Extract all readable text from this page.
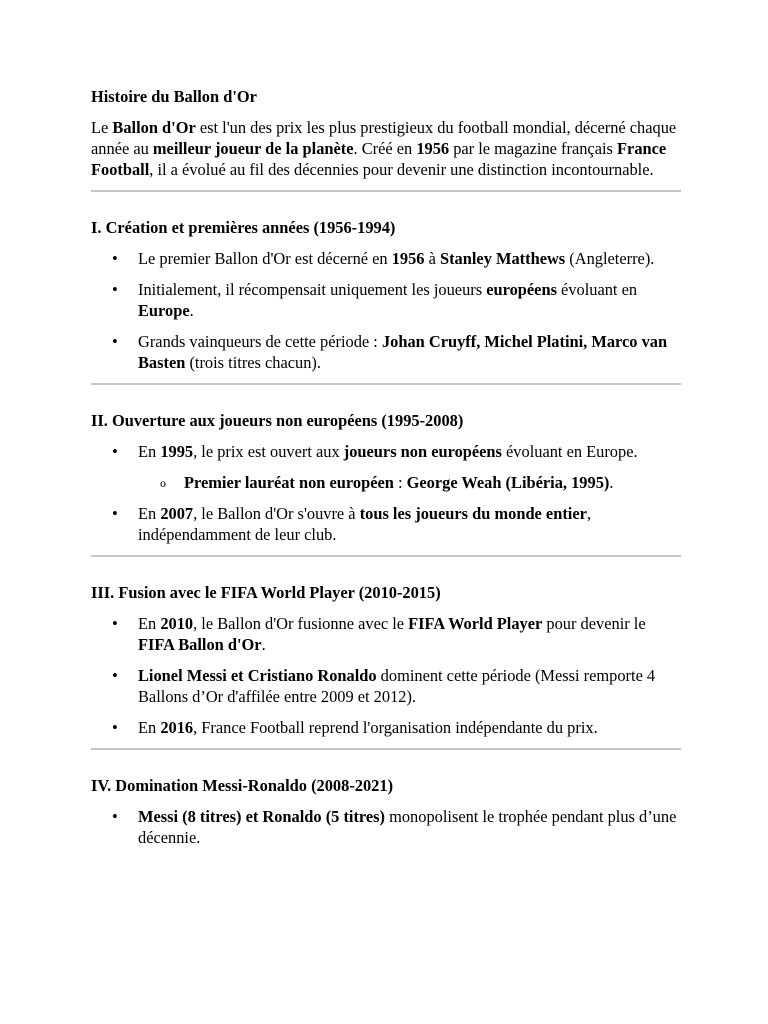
Histoire du Ballon d'Or

Le Ballon d'Or est l'un des prix les plus prestigieux du football mondial, décerné chaque année au meilleur joueur de la planète. Créé en 1956 par le magazine français France Football, il a évolué au fil des décennies pour devenir une distinction incontournable.

I. Création et premières années (1956-1994)
• Le premier Ballon d'Or est décerné en 1956 à Stanley Matthews (Angleterre).
• Initialement, il récompensait uniquement les joueurs européens évoluant en Europe.
• Grands vainqueurs de cette période : Johan Cruyff, Michel Platini, Marco van Basten (trois titres chacun).
II. Ouverture aux joueurs non européens (1995-2008)
• En 1995, le prix est ouvert aux joueurs non européens évoluant en Europe.
o Premier lauréat non européen : George Weah (Libéria, 1995).
• En 2007, le Ballon d'Or s'ouvre à tous les joueurs du monde entier, indépendamment de leur club.
III. Fusion avec le FIFA World Player (2010-2015)
• En 2010, le Ballon d'Or fusionne avec le FIFA World Player pour devenir le FIFA Ballon d'Or.
• Lionel Messi et Cristiano Ronaldo dominent cette période (Messi remporte 4 Ballons d’Or d'affilée entre 2009 et 2012).
• En 2016, France Football reprend l'organisation indépendante du prix.
IV. Domination Messi-Ronaldo (2008-2021)
• Messi (8 titres) et Ronaldo (5 titres) monopolisent le trophée pendant plus d’une décennie.
